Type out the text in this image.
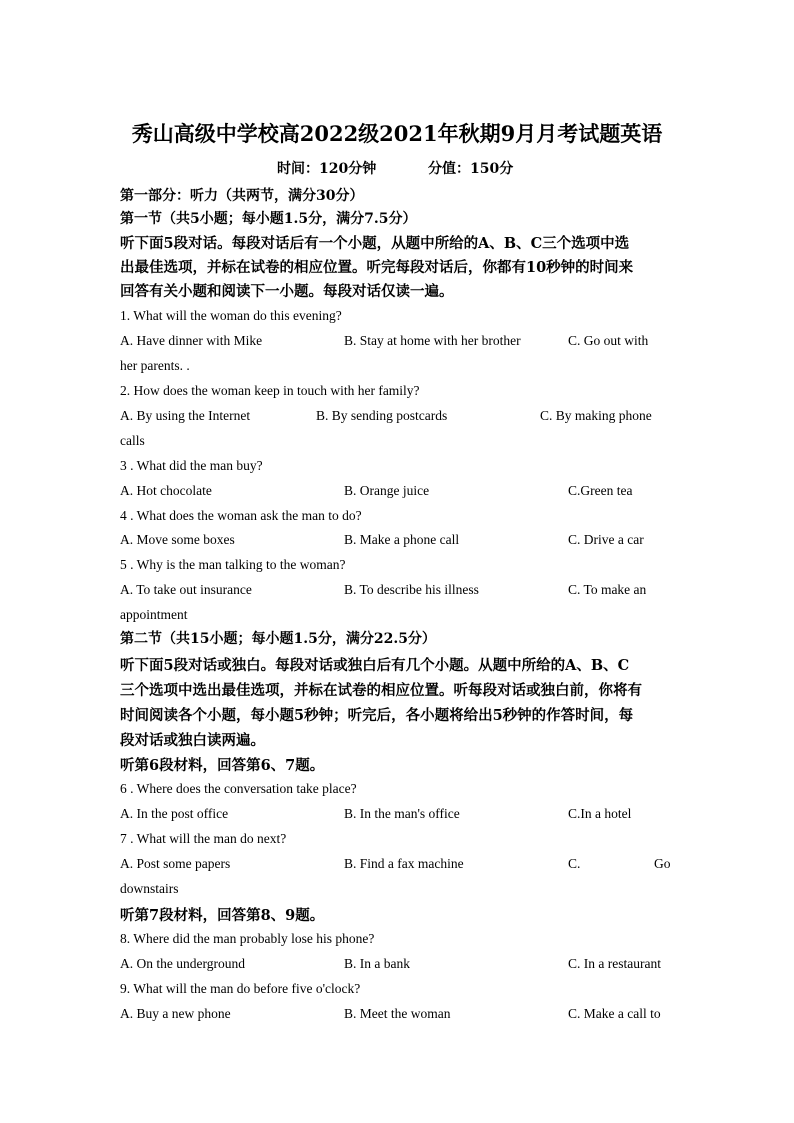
秀山高级中学校高2022级2021年秋期9月月考试题英语
时间：120分钟	分值：150分
第一部分：听力（共两节，满分30分）
第一节（共5小题；每小题1.5分，满分7.5分）
听下面5段对话。每段对话后有一个小题，从题中所给的A、B、C三个选项中选
出最佳选项，并标在试卷的相应位置。听完每段对话后，你都有10秒钟的时间来
回答有关小题和阅读下一小题。每段对话仅读一遍。
1. What will the woman do this evening?
A. Have dinner with Mike	B. Stay at home with her brother	C. Go out with
her parents. .
2. How does the woman keep in touch with her family?
A. By using the Internet	B. By sending postcards	C. By making phone
calls
3 . What did the man buy?
A. Hot chocolate	B. Orange juice	C.Green tea
4 . What does the woman ask the man to do?
A. Move some boxes	B. Make a phone call	C. Drive a car
5 . Why is the man talking to the woman?
A. To take out insurance	B. To describe his illness	C. To make an
appointment
第二节（共15小题；每小题1.5分，满分22.5分）
听下面5段对话或独白。每段对话或独白后有几个小题。从题中所给的A、B、C
三个选项中选出最佳选项，并标在试卷的相应位置。听每段对话或独白前，你将有
时间阅读各个小题，每小题5秒钟；听完后，各小题将给出5秒钟的作答时间，每
段对话或独白读两遍。
听第6段材料，回答第6、7题。
6 . Where does the conversation take place?
A. In the post office	B. In the man's office	C.In a hotel
7 . What will the man do next?
A. Post some papers	B. Find a fax machine	C.	Go
downstairs
听第7段材料，回答第8、9题。
8. Where did the man probably lose his phone?
A. On the underground	B. In a bank	C. In a restaurant
9. What will the man do before five o'clock?
A. Buy a new phone	B. Meet the woman	C. Make a call to
